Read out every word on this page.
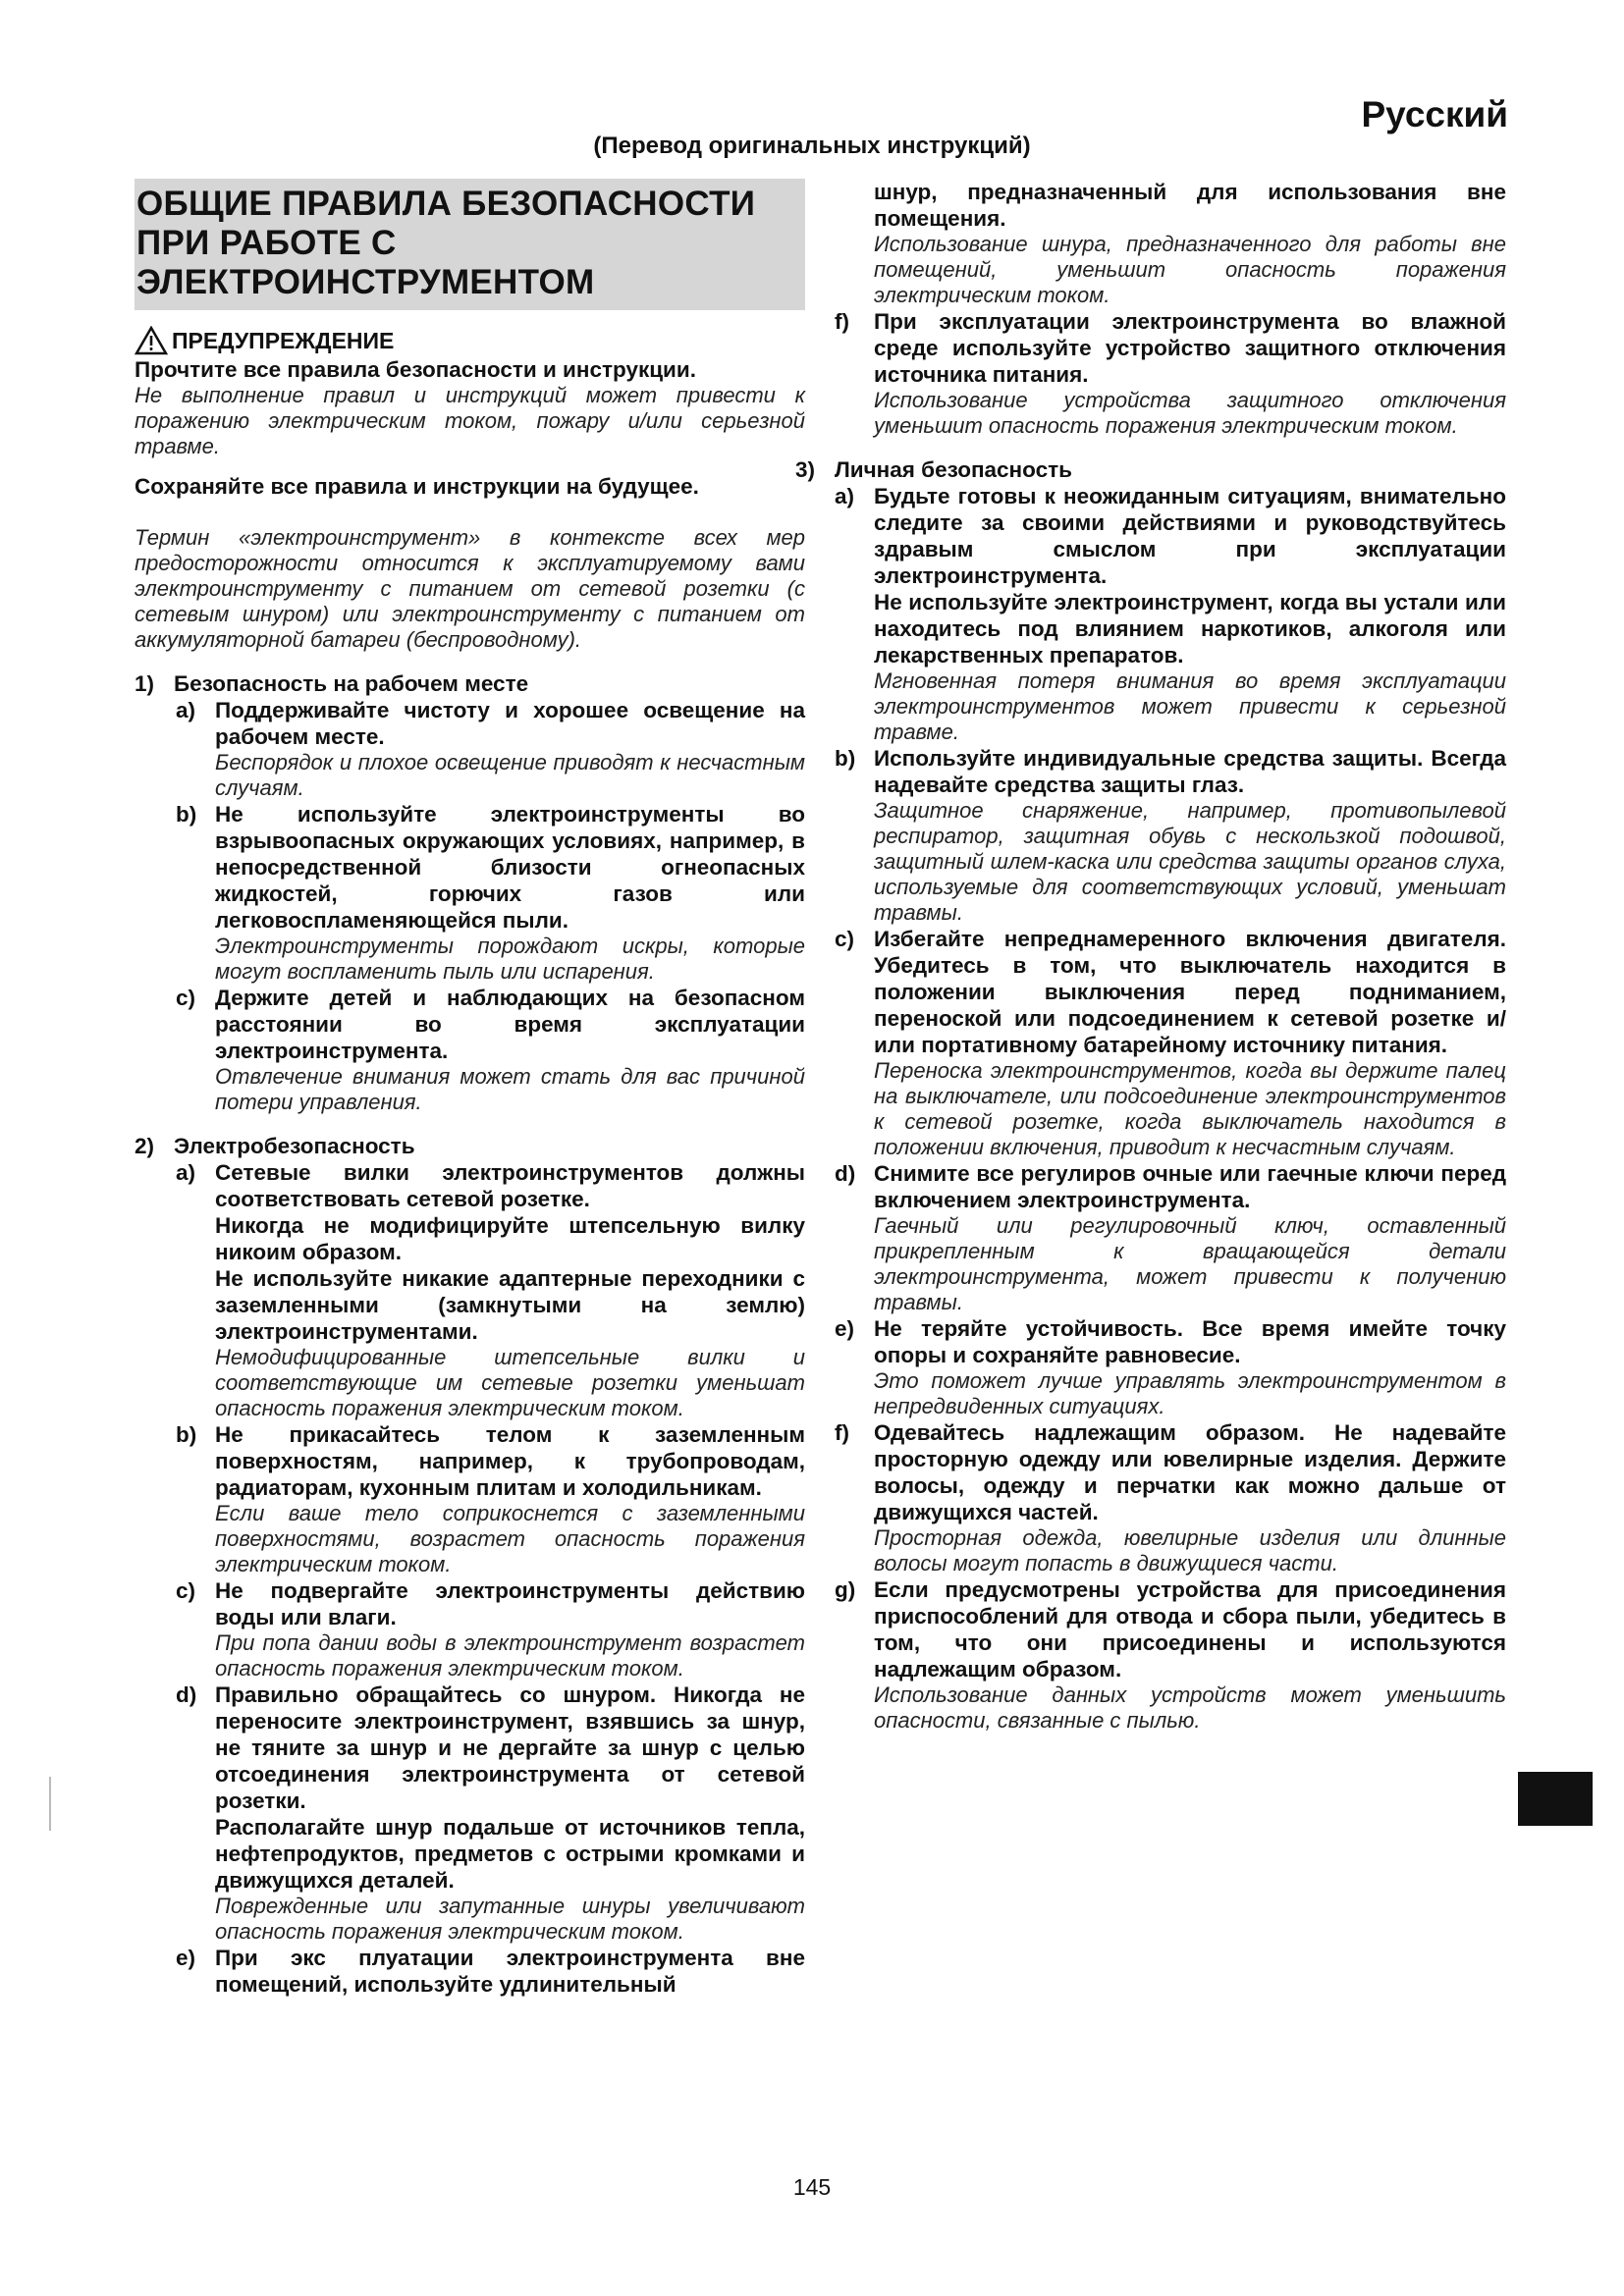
Русский
(Перевод оригинальных инструкций)
ОБЩИЕ ПРАВИЛА БЕЗОПАСНОСТИ ПРИ РАБОТЕ С ЭЛЕКТРОИНСТРУМЕНТОМ
ПРЕДУПРЕЖДЕНИЕ

Прочтите все правила безопасности и инструкции.

Не выполнение правил и инструкций может привести к поражению электрическим током, пожару и/или серьезной травме.

Сохраняйте все правила и инструкции на будущее.

Термин «электроинструмент» в контексте всех мер предосторожности относится к эксплуатируемому вами электроинструменту с питанием от сетевой розетки (с сетевым шнуром) или электроинструменту с питанием от аккумуляторной батареи (беспроводному).

1) Безопасность на рабочем месте
a) Поддерживайте чистоту и хорошее освещение на рабочем месте.

Беспорядок и плохое освещение приводят к несчастным случаям.

b) Не используйте электроинструменты во взрывоопасных окружающих условиях, например, в непосредственной близости огнеопасных жидкостей, горючих газов или легковоспламеняющейся пыли.

Электроинструменты порождают искры, которые могут воспламенить пыль или испарения.

c) Держите детей и наблюдающих на безопасном расстоянии во время эксплуатации электроинструмента.

Отвлечение внимания может стать для вас причиной потери управления.

2) Электробезопасность
a) Сетевые вилки электроинструментов должны соответствовать сетевой розетке.

Никогда не модифицируйте штепсельную вилку никоим образом.

Не используйте никакие адаптерные переходники с заземленными (замкнутыми на землю) электроинструментами.

Немодифицированные штепсельные вилки и соответствующие им сетевые розетки уменьшат опасность поражения электрическим током.

b) Не прикасайтесь телом к заземленным поверхностям, например, к трубопроводам, радиаторам, кухонным плитам и холодильникам.

Если ваше тело соприкоснется с заземленными поверхностями, возрастет опасность поражения электрическим током.

c) Не подвергайте электроинструменты действию воды или влаги.

При попа дании воды в электроинструмент возрастет опасность поражения электрическим током.

d) Правильно обращайтесь со шнуром. Никогда не переносите электроинструмент, взявшись за шнур, не тяните за шнур и не дергайте за шнур с целью отсоединения электроинструмента от сетевой розетки.

Располагайте шнур подальше от источников тепла, нефтепродуктов, предметов с острыми кромками и движущихся деталей.

Поврежденные или запутанные шнуры увеличивают опасность поражения электрическим током.

e) При экс плуатации электроинструмента вне помещений, используйте удлинительный

шнур, предназначенный для использования вне помещения.

Использование шнура, предназначенного для работы вне помещений, уменьшит опасность поражения электрическим током.

f)	При эксплуатации электроинструмента во влажной среде используйте устройство защитного отключения источника питания.

Использование устройства защитного отключения уменьшит опасность поражения электрическим током.

3) Личная безопасность
a) Будьте готовы к неожиданным ситуациям, внимательно следите за своими действиями и руководствуйтесь здравым смыслом при эксплуатации электроинструмента.

Не используйте электроинструмент, когда вы устали или находитесь под влиянием наркотиков, алкоголя или лекарственных препаратов.

Мгновенная потеря внимания во время эксплуатации электроинструментов может привести к серьезной травме.

b) Используйте индивидуальные средства защиты. Всегда надевайте средства защиты глаз.

Защитное снаряжение, например, противопылевой респиратор, защитная обувь с нескользкой подошвой, защитный шлем-каска или средства защиты органов слуха, используемые для соответствующих условий, уменьшат травмы.

c) Избегайте непреднамеренного включения двигателя. Убедитесь в том, что выключатель находится в положении выключения перед подниманием, переноской или подсоединением к сетевой розетке и/или портативному батарейному источнику питания.

Переноска электроинструментов, когда вы держите палец на выключателе, или подсоединение электроинструментов к сетевой розетке, когда выключатель находится в положении включения, приводит к несчастным случаям.

d) Снимите все регулиров очные или гаечные ключи перед включением электроинструмента.

Гаечный или регулировочный ключ, оставленный прикрепленным к вращающейся детали электроинструмента, может привести к получению травмы.

e) Не теряйте устойчивость. Все время имейте точку опоры и сохраняйте равновесие.

Это поможет лучше управлять электроинструментом в непредвиденных ситуациях.

f)	Одевайтесь надлежащим образом. Не надевайте просторную одежду или ювелирные изделия. Держите волосы, одежду и перчатки как можно дальше от движущихся частей.

Просторная одежда, ювелирные изделия или длинные волосы могут попасть в движущиеся части.

g) Если предусмотрены устройства для присоединения приспособлений для отвода и сбора пыли, убедитесь в том, что они присоединены и используются надлежащим образом.

Использование данных устройств может уменьшить опасности, связанные с пылью.

145
